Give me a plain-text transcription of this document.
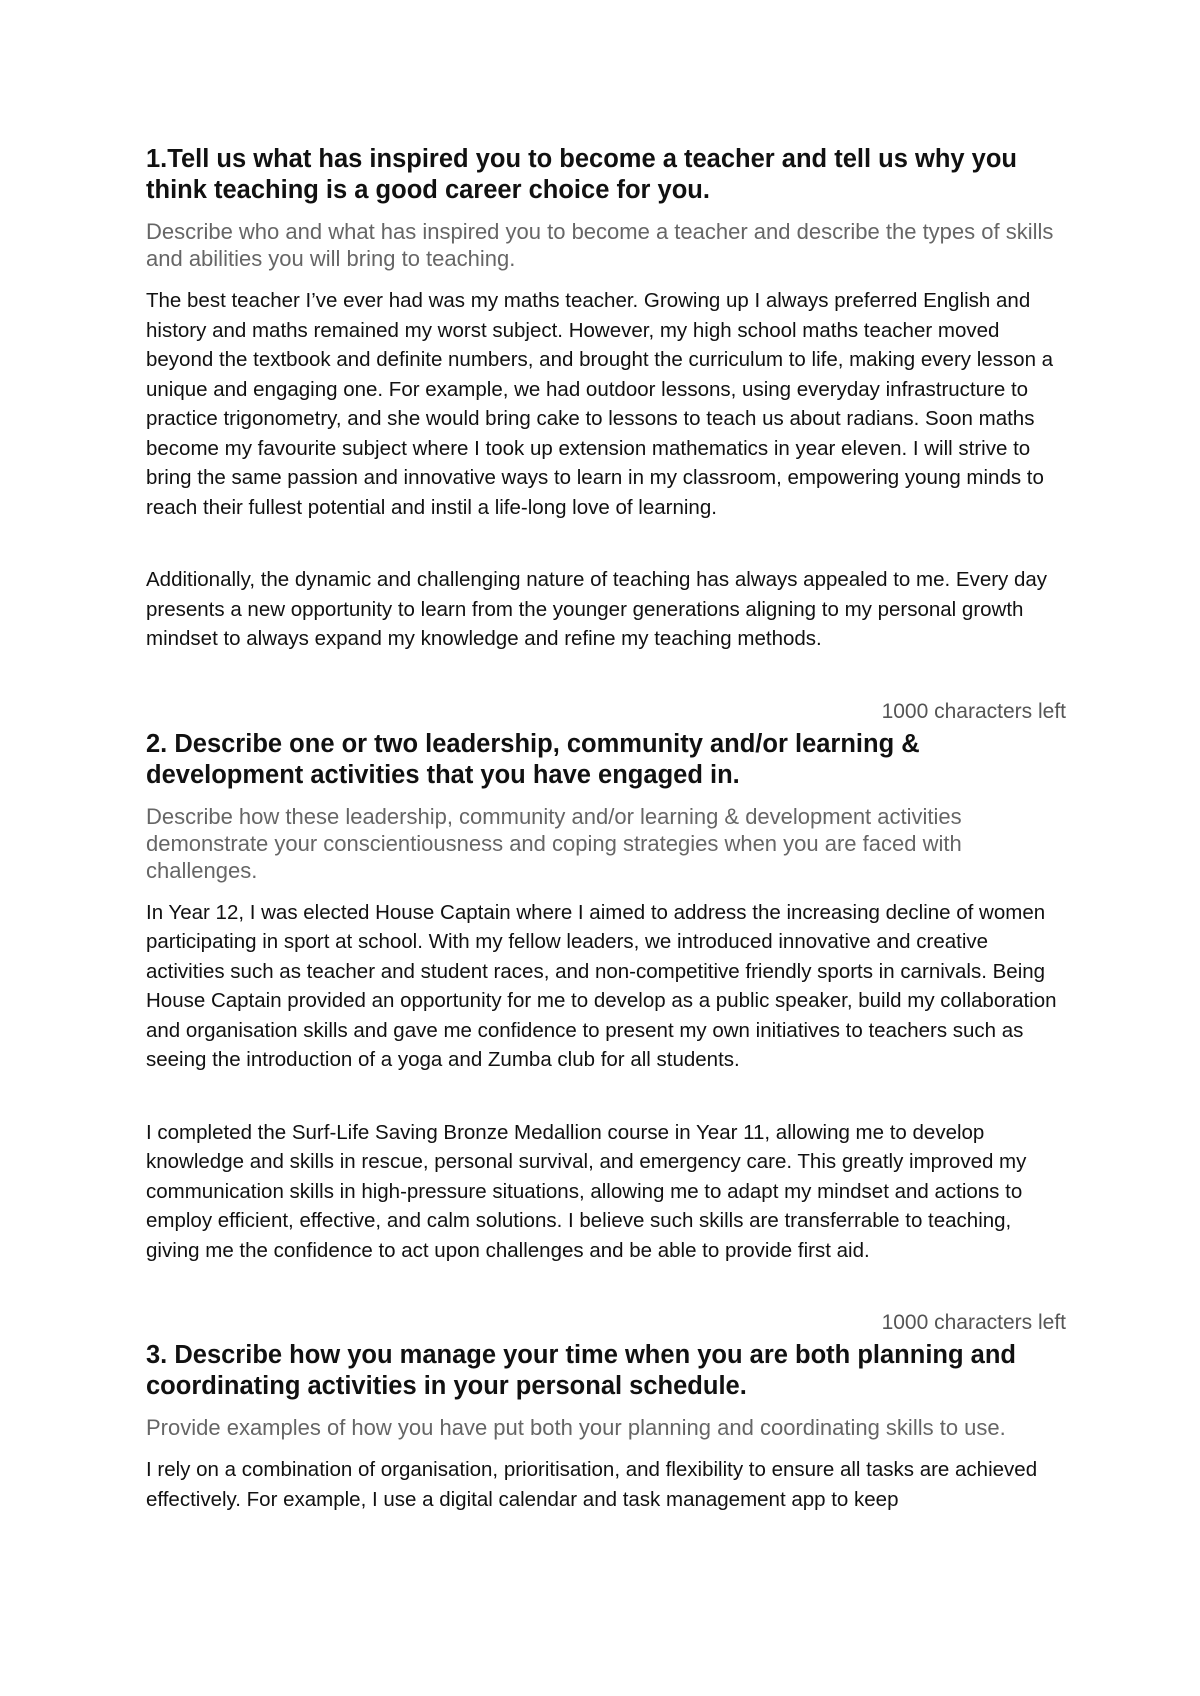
1.Tell us what has inspired you to become a teacher and tell us why you think teaching is a good career choice for you.
Describe who and what has inspired you to become a teacher and describe the types of skills and abilities you will bring to teaching.

The best teacher I’ve ever had was my maths teacher. Growing up I always preferred English and history and maths remained my worst subject. However, my high school maths teacher moved beyond the textbook and definite numbers, and brought the curriculum to life, making every lesson a unique and engaging one. For example, we had outdoor lessons, using everyday infrastructure to practice trigonometry, and she would bring cake to lessons to teach us about radians. Soon maths become my favourite subject where I took up extension mathematics in year eleven. I will strive to bring the same passion and innovative ways to learn in my classroom, empowering young minds to reach their fullest potential and instil a life-long love of learning.

Additionally, the dynamic and challenging nature of teaching has always appealed to me. Every day presents a new opportunity to learn from the younger generations aligning to my personal growth mindset to always expand my knowledge and refine my teaching methods.

1000 characters left
2. Describe one or two leadership, community and/or learning & development activities that you have engaged in.
Describe how these leadership, community and/or learning & development activities demonstrate your conscientiousness and coping strategies when you are faced with challenges.

In Year 12, I was elected House Captain where I aimed to address the increasing decline of women participating in sport at school. With my fellow leaders, we introduced innovative and creative activities such as teacher and student races, and non-competitive friendly sports in carnivals. Being House Captain provided an opportunity for me to develop as a public speaker, build my collaboration and organisation skills and gave me confidence to present my own initiatives to teachers such as seeing the introduction of a yoga and Zumba club for all students.

I completed the Surf-Life Saving Bronze Medallion course in Year 11, allowing me to develop knowledge and skills in rescue, personal survival, and emergency care. This greatly improved my communication skills in high-pressure situations, allowing me to adapt my mindset and actions to employ efficient, effective, and calm solutions. I believe such skills are transferrable to teaching, giving me the confidence to act upon challenges and be able to provide first aid.

1000 characters left
3. Describe how you manage your time when you are both planning and coordinating activities in your personal schedule.
Provide examples of how you have put both your planning and coordinating skills to use.

I rely on a combination of organisation, prioritisation, and flexibility to ensure all tasks are achieved effectively. For example, I use a digital calendar and task management app to keep
